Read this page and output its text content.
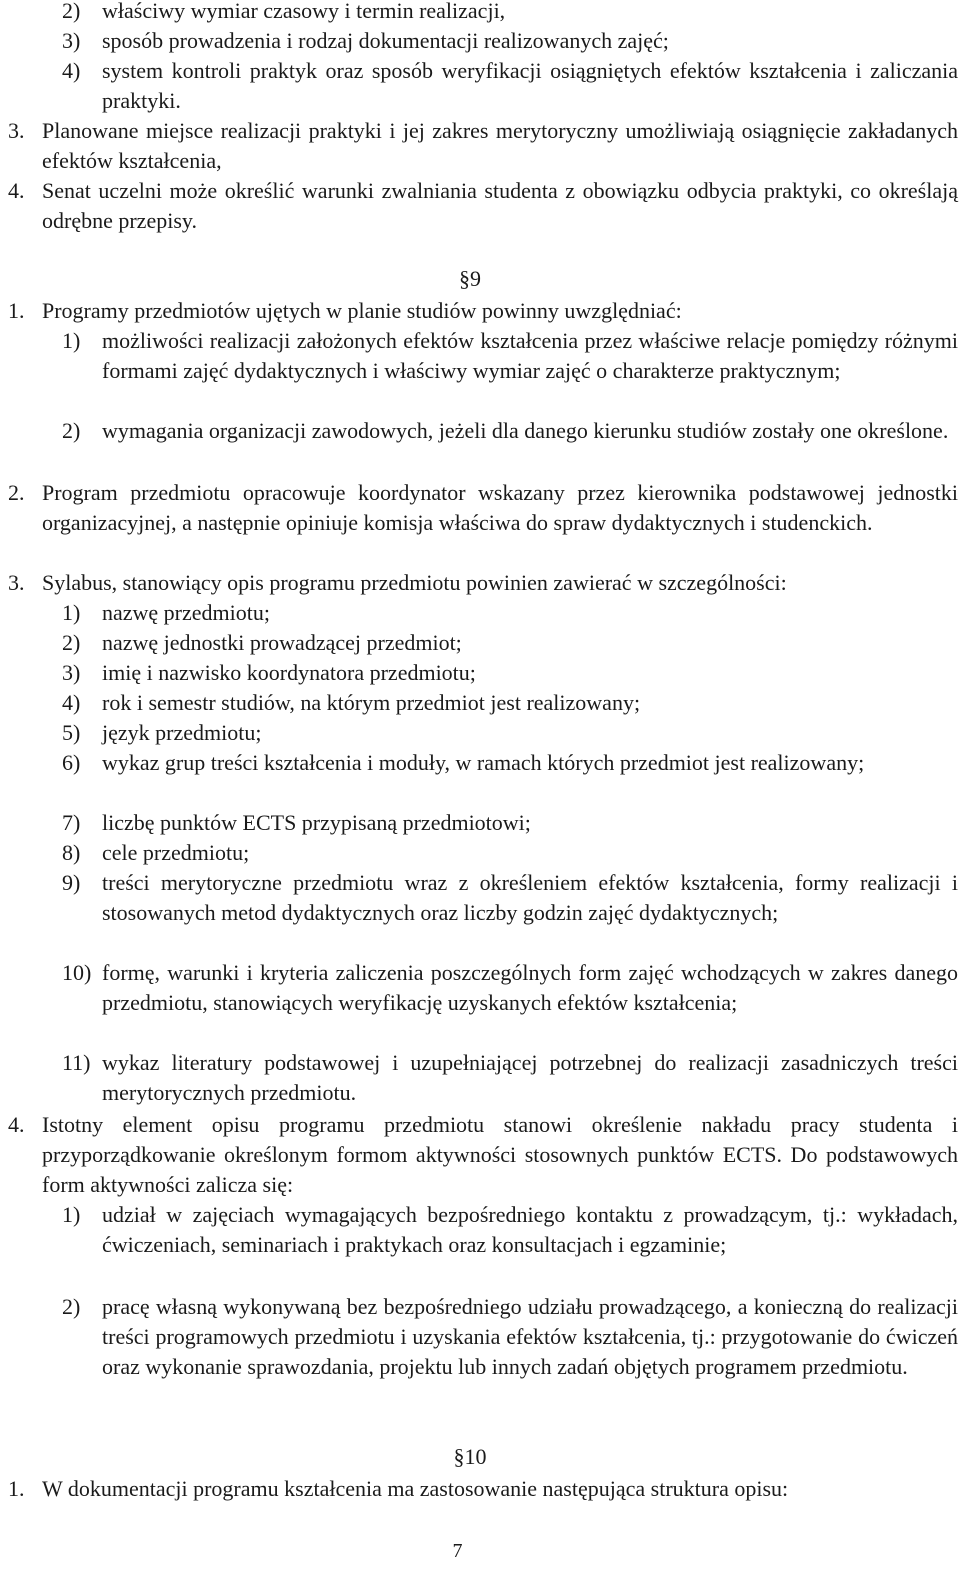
2) właściwy wymiar czasowy i termin realizacji,
3) sposób prowadzenia i rodzaj dokumentacji realizowanych zajęć;
4) system kontroli praktyk oraz sposób weryfikacji osiągniętych efektów kształcenia i zaliczania praktyki.
3. Planowane miejsce realizacji praktyki i jej zakres merytoryczny umożliwiają osiągnięcie zakładanych efektów kształcenia,
4. Senat uczelni może określić warunki zwalniania studenta z obowiązku odbycia praktyki, co określają odrębne przepisy.
§9
1. Programy przedmiotów ujętych w planie studiów powinny uwzględniać:
1) możliwości realizacji założonych efektów kształcenia przez właściwe relacje pomiędzy różnymi formami zajęć dydaktycznych i właściwy wymiar zajęć o charakterze praktycznym;
2) wymagania organizacji zawodowych, jeżeli dla danego kierunku studiów zostały one określone.
2. Program przedmiotu opracowuje koordynator wskazany przez kierownika podstawowej jednostki organizacyjnej, a następnie opiniuje komisja właściwa do spraw dydaktycznych i studenckich.
3. Sylabus, stanowiący opis programu przedmiotu powinien zawierać w szczególności:
1) nazwę przedmiotu;
2) nazwę jednostki prowadzącej przedmiot;
3) imię i nazwisko koordynatora przedmiotu;
4) rok i semestr studiów, na którym przedmiot jest realizowany;
5) język przedmiotu;
6) wykaz grup treści kształcenia i moduły, w ramach których przedmiot jest realizowany;
7) liczbę punktów ECTS przypisaną przedmiotowi;
8) cele przedmiotu;
9) treści merytoryczne przedmiotu wraz z określeniem efektów kształcenia, formy realizacji i stosowanych metod dydaktycznych oraz liczby godzin zajęć dydaktycznych;
10) formę, warunki i kryteria zaliczenia poszczególnych form zajęć wchodzących w zakres danego przedmiotu, stanowiących weryfikację uzyskanych efektów kształcenia;
11) wykaz literatury podstawowej i uzupełniającej potrzebnej do realizacji zasadniczych treści merytorycznych przedmiotu.
4. Istotny element opisu programu przedmiotu stanowi określenie nakładu pracy studenta i przyporządkowanie określonym formom aktywności stosownych punktów ECTS. Do podstawowych form aktywności zalicza się:
1) udział w zajęciach wymagających bezpośredniego kontaktu z prowadzącym, tj.: wykładach, ćwiczeniach, seminariach i praktykach oraz konsultacjach i egzaminie;
2) pracę własną wykonywaną bez bezpośredniego udziału prowadzącego, a konieczną do realizacji treści programowych przedmiotu i uzyskania efektów kształcenia, tj.: przygotowanie do ćwiczeń oraz wykonanie sprawozdania, projektu lub innych zadań objętych programem przedmiotu.
§10
1. W dokumentacji programu kształcenia ma zastosowanie następująca struktura opisu:
7
